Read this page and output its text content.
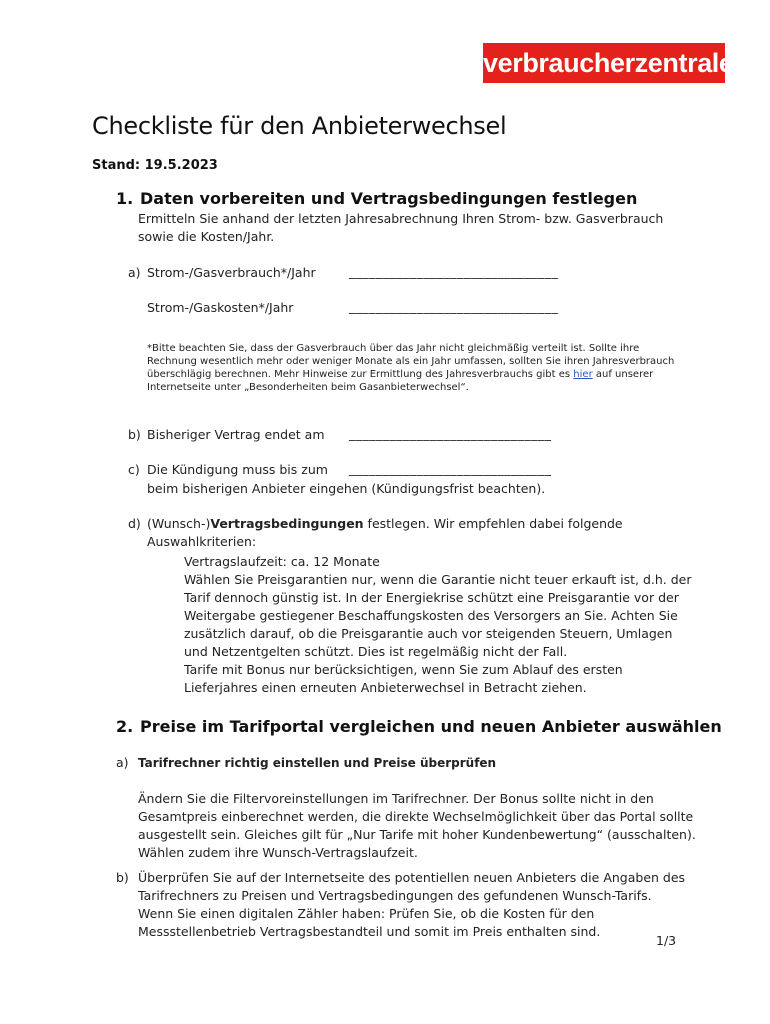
verbraucherzentrale
Checkliste für den Anbieterwechsel
Stand: 19.5.2023
1. Daten vorbereiten und Vertragsbedingungen festlegen
Ermitteln Sie anhand der letzten Jahresabrechnung Ihren Strom- bzw. Gasverbrauch
sowie die Kosten/Jahr.
a) Strom-/Gasverbrauch*/Jahr	_______________________________
Strom-/Gaskosten*/Jahr	_______________________________
*Bitte beachten Sie, dass der Gasverbrauch über das Jahr nicht gleichmäßig verteilt ist. Sollte ihre
Rechnung wesentlich mehr oder weniger Monate als ein Jahr umfassen, sollten Sie ihren Jahresverbrauch
überschlägig berechnen. Mehr Hinweise zur Ermittlung des Jahresverbrauchs gibt es hier auf unserer
Internetseite unter „Besonderheiten beim Gasanbieterwechsel“.
b) Bisheriger Vertrag endet am ______________________________
c) Die Kündigung muss bis zum ______________________________
beim bisherigen Anbieter eingehen (Kündigungsfrist beachten).
d) (Wunsch-)Vertragsbedingungen festlegen. Wir empfehlen dabei folgende
Auswahlkriterien:
Vertragslaufzeit: ca. 12 Monate
Wählen Sie Preisgarantien nur, wenn die Garantie nicht teuer erkauft ist, d.h. der
Tarif dennoch günstig ist. In der Energiekrise schützt eine Preisgarantie vor der
Weitergabe gestiegener Beschaffungskosten des Versorgers an Sie. Achten Sie
zusätzlich darauf, ob die Preisgarantie auch vor steigenden Steuern, Umlagen
und Netzentgelten schützt. Dies ist regelmäßig nicht der Fall.
Tarife mit Bonus nur berücksichtigen, wenn Sie zum Ablauf des ersten
Lieferjahres einen erneuten Anbieterwechsel in Betracht ziehen.
2. Preise im Tarifportal vergleichen und neuen Anbieter auswählen
a) Tarifrechner richtig einstellen und Preise überprüfen
Ändern Sie die Filtervoreinstellungen im Tarifrechner. Der Bonus sollte nicht in den
Gesamtpreis einberechnet werden, die direkte Wechselmöglichkeit über das Portal sollte
ausgestellt sein. Gleiches gilt für „Nur Tarife mit hoher Kundenbewertung“ (ausschalten).
Wählen zudem ihre Wunsch-Vertragslaufzeit.
b) Überprüfen Sie auf der Internetseite des potentiellen neuen Anbieters die Angaben des
Tarifrechners zu Preisen und Vertragsbedingungen des gefundenen Wunsch-Tarifs.
Wenn Sie einen digitalen Zähler haben: Prüfen Sie, ob die Kosten für den
Messstellenbetrieb Vertragsbestandteil und somit im Preis enthalten sind.
1/3
